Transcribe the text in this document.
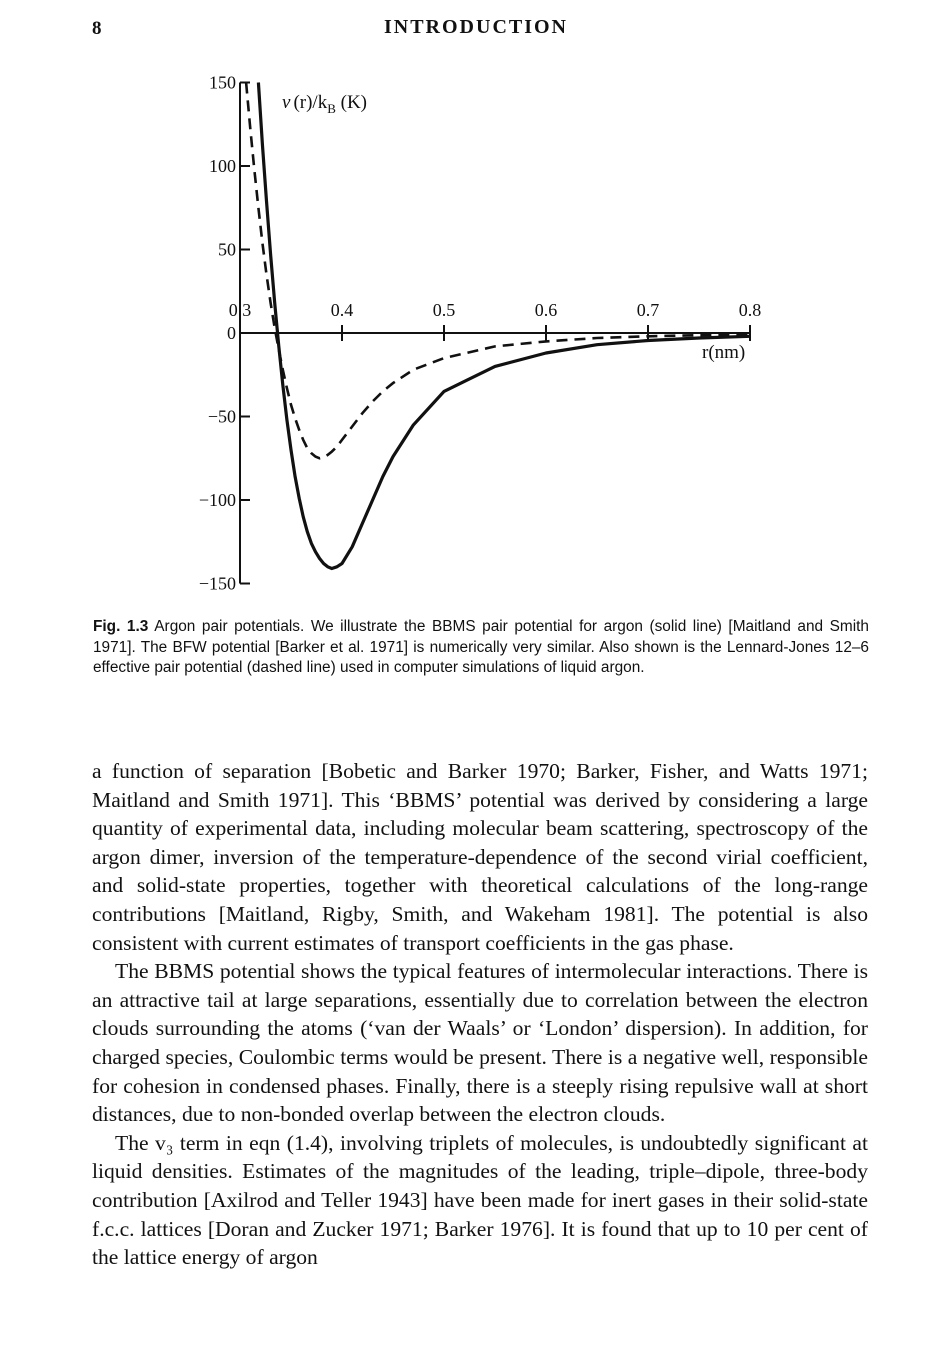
8	INTRODUCTION
150
100
50
0
−50
−100
−150
0.3	0.4	0.5	0.6	0.7	0.8
v $(r)/k_B$ (K)
r(nm)
Fig. 1.3 Argon pair potentials. We illustrate the BBMS pair potential for argon (solid line) [Maitland and Smith 1971]. The BFW potential [Barker et al. 1971] is numerically very similar. Also shown is the Lennard-Jones 12–6 effective pair potential (dashed line) used in computer simulations of liquid argon.

a function of separation [Bobetic and Barker 1970; Barker, Fisher, and Watts 1971; Maitland and Smith 1971]. This ‘BBMS’ potential was derived by considering a large quantity of experimental data, including molecular beam scattering, spectroscopy of the argon dimer, inversion of the temperature-dependence of the second virial coefficient, and solid-state properties, together with theoretical calculations of the long-range contributions [Maitland, Rigby, Smith, and Wakeham 1981]. The potential is also consistent with current estimates of transport coefficients in the gas phase.

The BBMS potential shows the typical features of intermolecular interactions. There is an attractive tail at large separations, essentially due to correlation between the electron clouds surrounding the atoms (‘van der Waals’ or ‘London’ dispersion). In addition, for charged species, Coulombic terms would be present. There is a negative well, responsible for cohesion in condensed phases. Finally, there is a steeply rising repulsive wall at short distances, due to non-bonded overlap between the electron clouds.

The v₃ term in eqn (1.4), involving triplets of molecules, is undoubtedly significant at liquid densities. Estimates of the magnitudes of the leading, triple–dipole, three-body contribution [Axilrod and Teller 1943] have been made for inert gases in their solid-state f.c.c. lattices [Doran and Zucker 1971; Barker 1976]. It is found that up to 10 per cent of the lattice energy of argon
